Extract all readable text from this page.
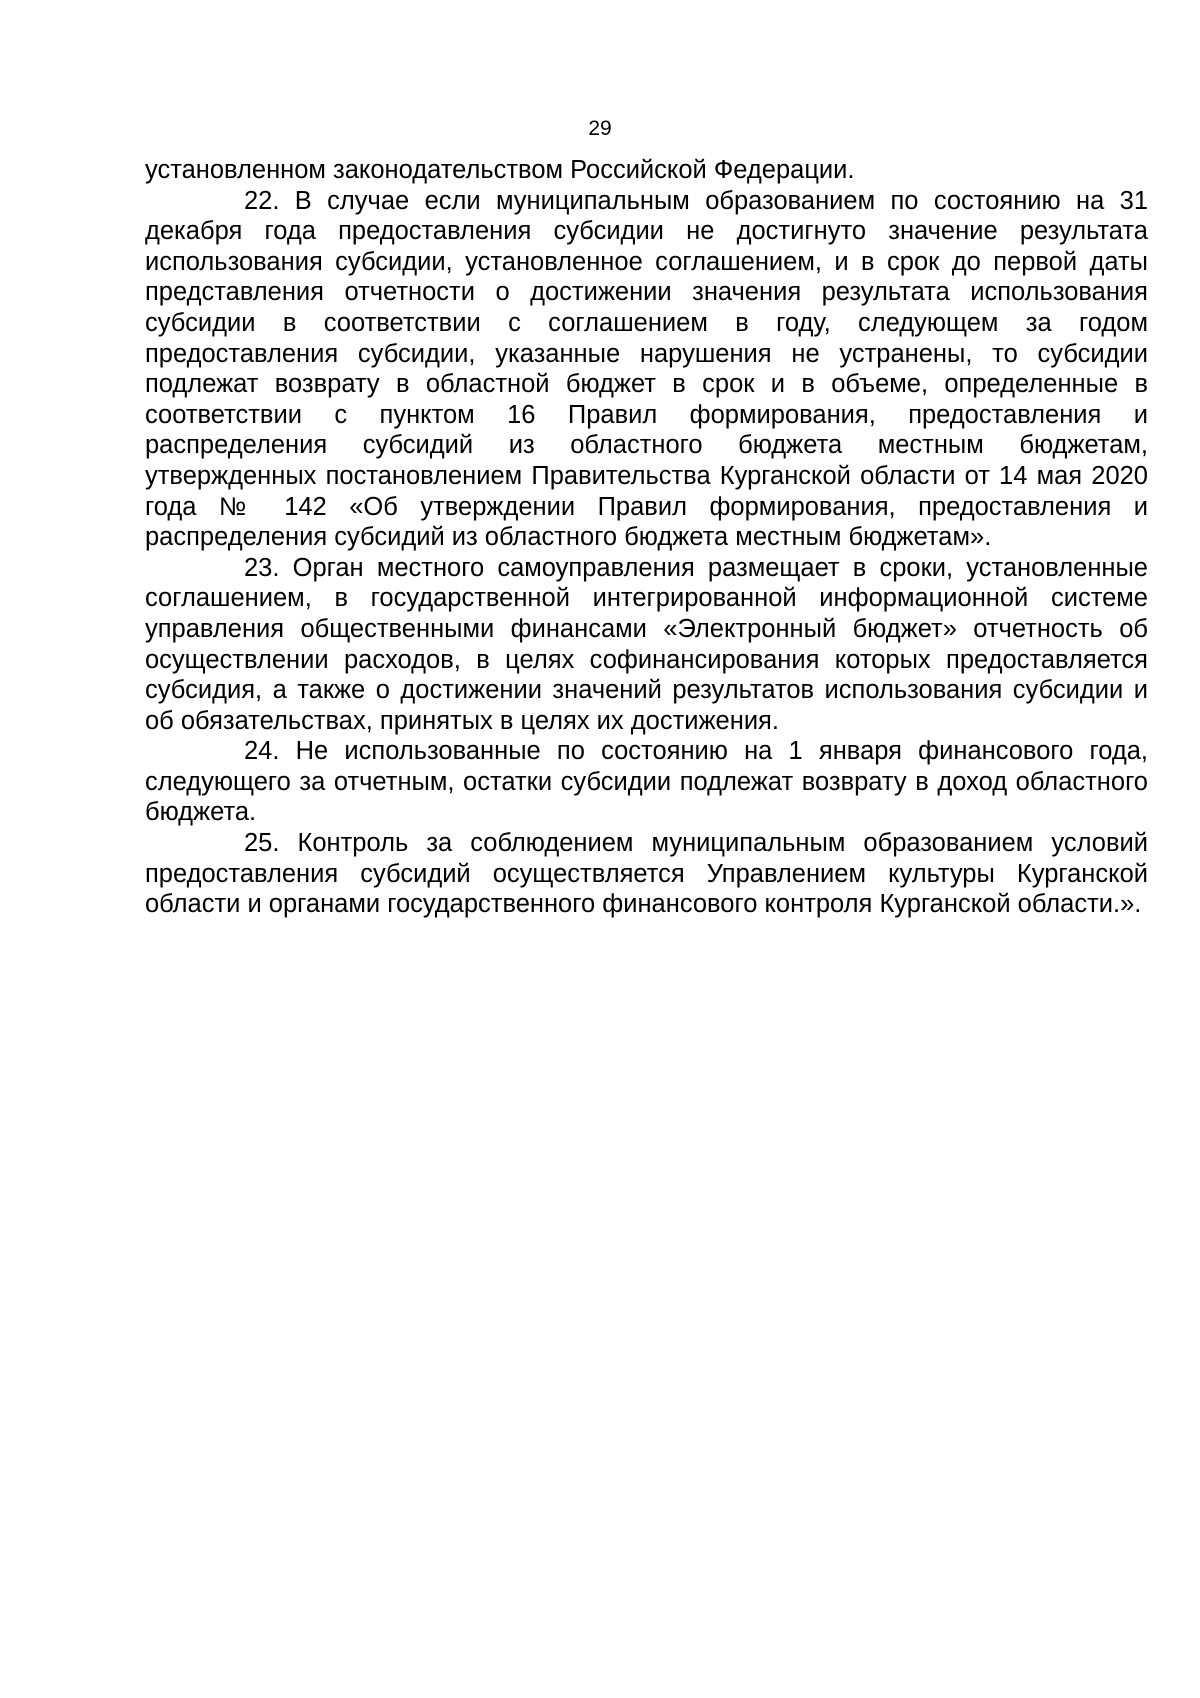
29

установленном законодательством Российской Федерации.

22. В случае если муниципальным образованием по состоянию на 31 декабря года предоставления субсидии не достигнуто значение результата использования субсидии, установленное соглашением, и в срок до первой даты представления отчетности о достижении значения результата использования субсидии в соответствии с соглашением в году, следующем за годом предоставления субсидии, указанные нарушения не устранены, то субсидии подлежат возврату в областной бюджет в срок и в объеме, определенные в соответствии с пунктом 16 Правил формирования, предоставления и распределения субсидий из областного бюджета местным бюджетам, утвержденных постановлением Правительства Курганской области от 14 мая 2020 года № 142 «Об утверждении Правил формирования, предоставления и распределения субсидий из областного бюджета местным бюджетам».

23. Орган местного самоуправления размещает в сроки, установленные соглашением, в государственной интегрированной информационной системе управления общественными финансами «Электронный бюджет» отчетность об осуществлении расходов, в целях софинансирования которых предоставляется субсидия, а также о достижении значений результатов использования субсидии и об обязательствах, принятых в целях их достижения.

24. Не использованные по состоянию на 1 января финансового года, следующего за отчетным, остатки субсидии подлежат возврату в доход областного бюджета.

25. Контроль за соблюдением муниципальным образованием условий предоставления субсидий осуществляется Управлением культуры Курганской области и органами государственного финансового контроля Курганской области.».
